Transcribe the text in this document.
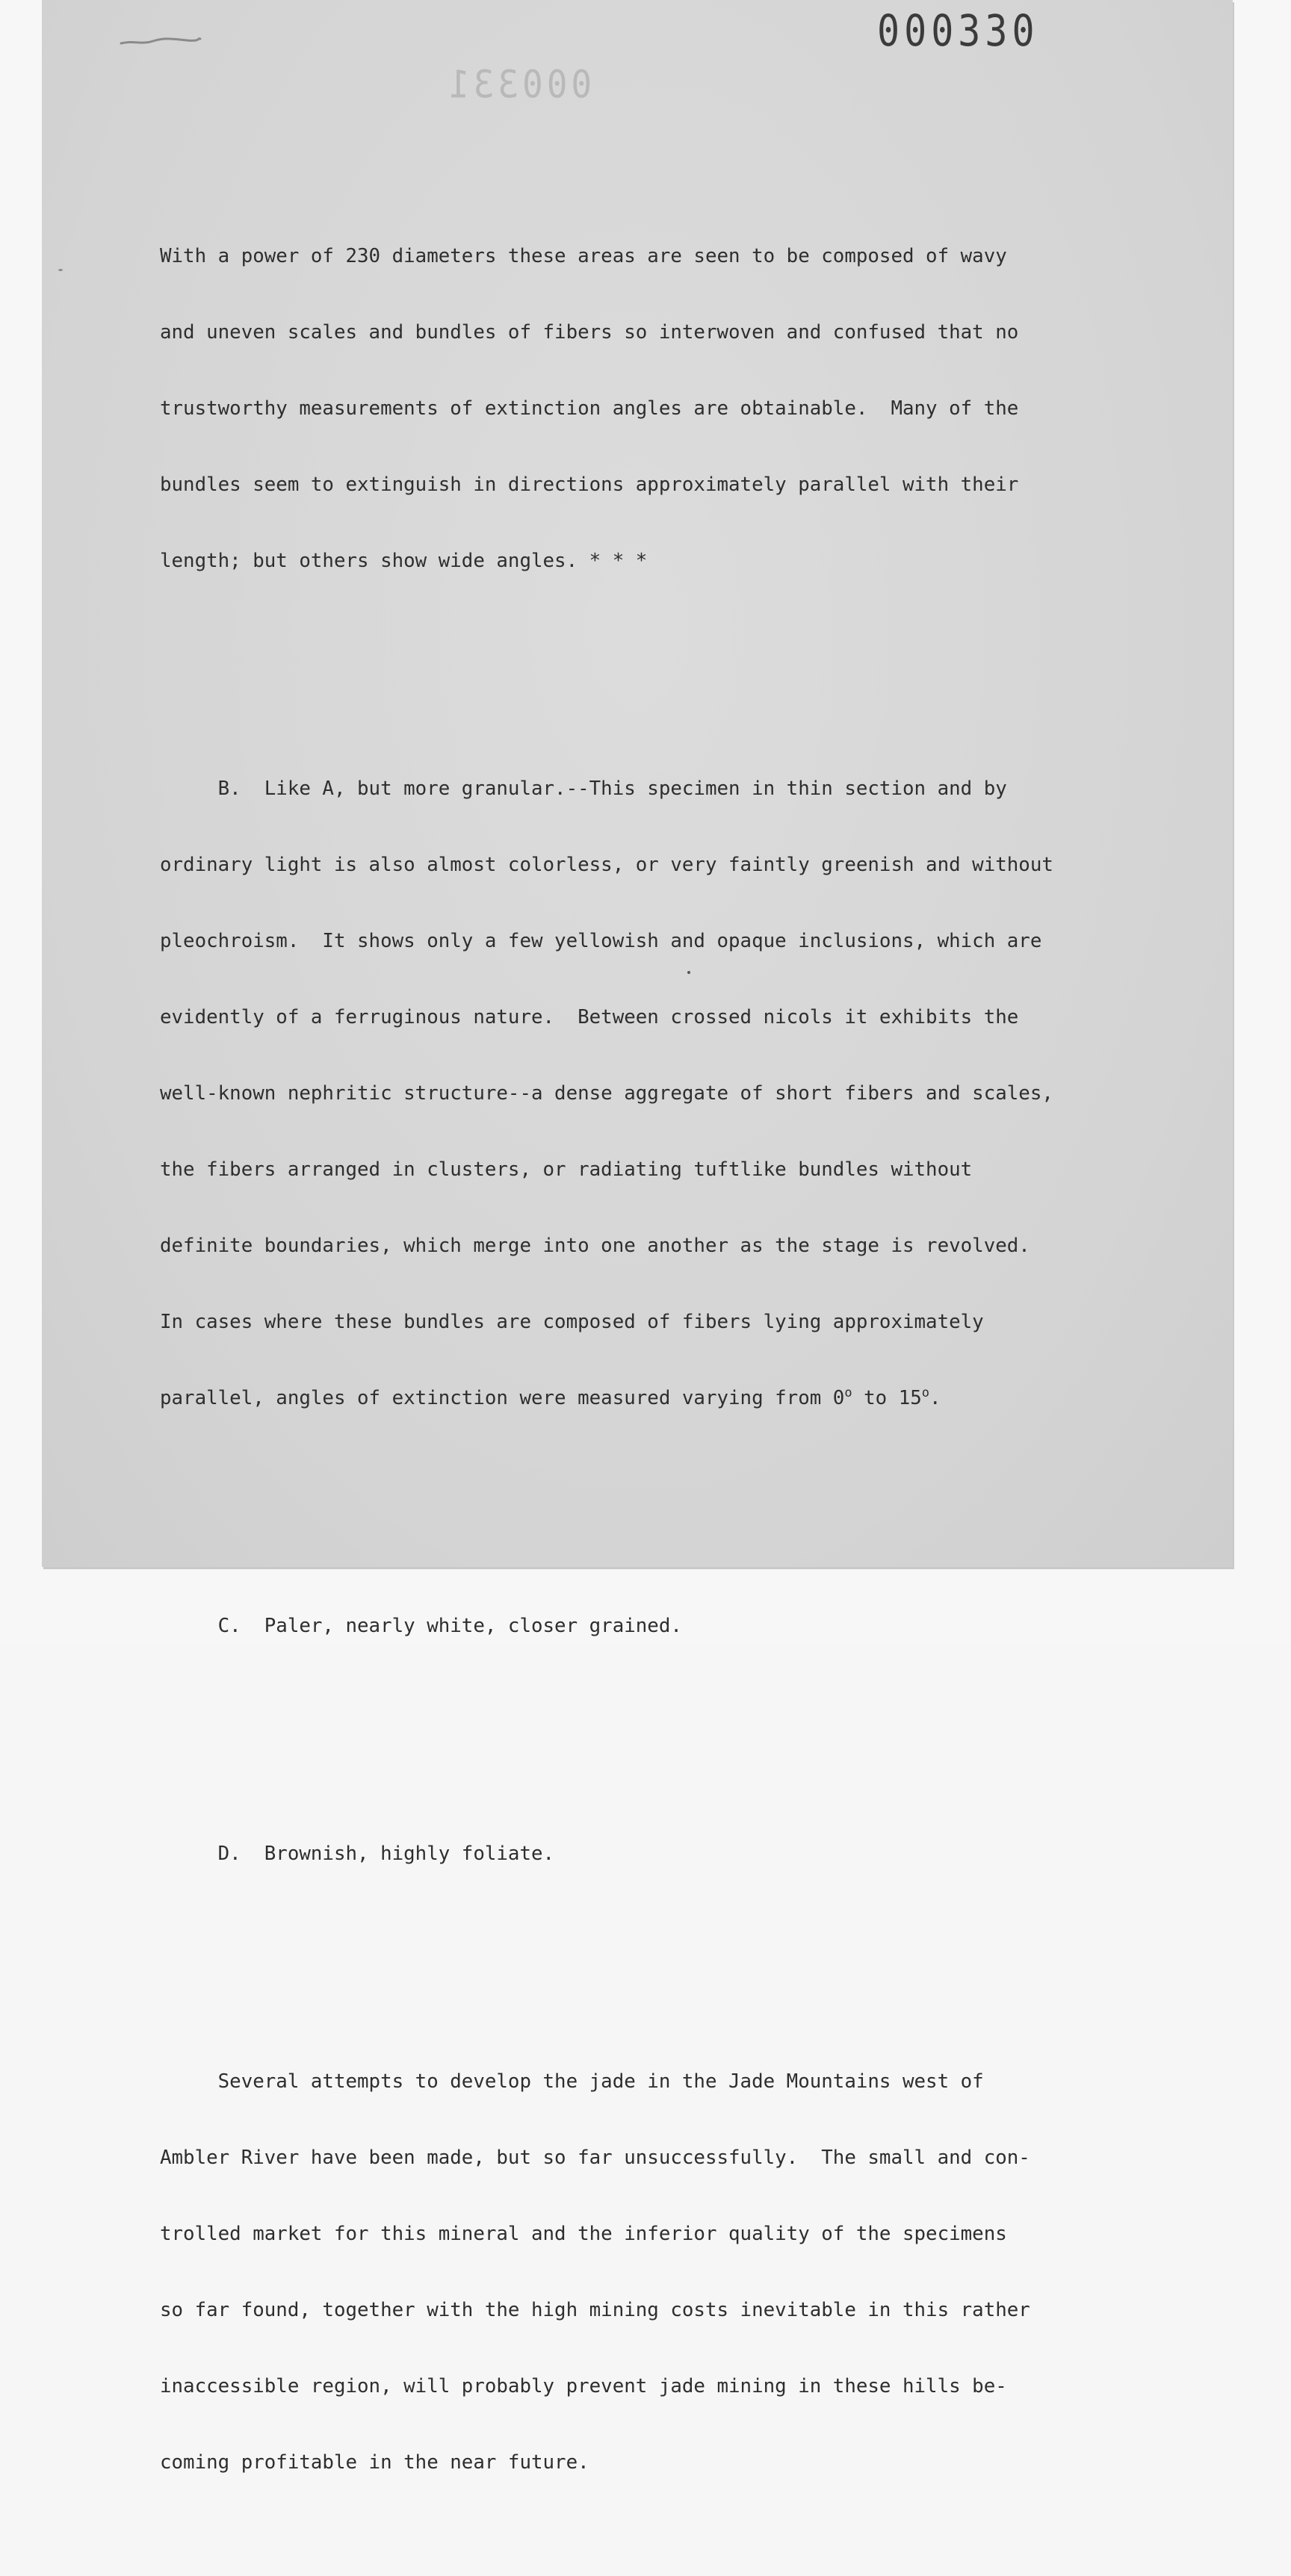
000330
000331

With a power of 230 diameters these areas are seen to be composed of wavy

and uneven scales and bundles of fibers so interwoven and confused that no

trustworthy measurements of extinction angles are obtainable.  Many of the

bundles seem to extinguish in directions approximately parallel with their

length; but others show wide angles. * * *

B.  Like A, but more granular.--This specimen in thin section and by

ordinary light is also almost colorless, or very faintly greenish and without

pleochroism.  It shows only a few yellowish and opaque inclusions, which are

evidently of a ferruginous nature.  Between crossed nicols it exhibits the

well-known nephritic structure--a dense aggregate of short fibers and scales,

the fibers arranged in clusters, or radiating tuftlike bundles without

definite boundaries, which merge into one another as the stage is revolved.

In cases where these bundles are composed of fibers lying approximately

parallel, angles of extinction were measured varying from 0$^o$ to 15$^o$.

C.  Paler, nearly white, closer grained.

D.  Brownish, highly foliate.

Several attempts to develop the jade in the Jade Mountains west of

Ambler River have been made, but so far unsuccessfully.  The small and con-

trolled market for this mineral and the inferior quality of the specimens

so far found, together with the high mining costs inevitable in this rather

inaccessible region, will probably prevent jade mining in these hills be-

coming profitable in the near future.
